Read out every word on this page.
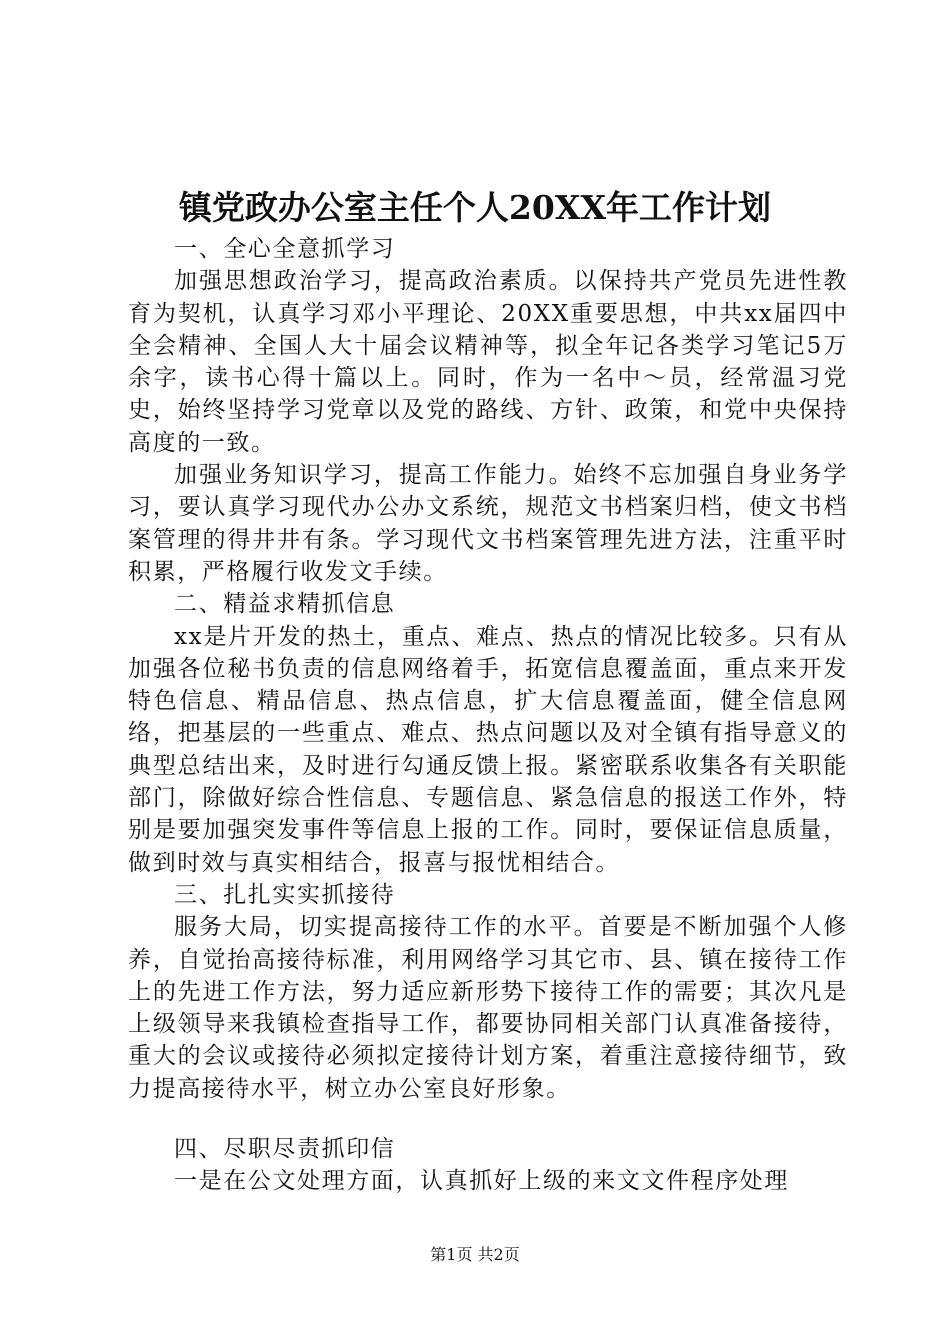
镇党政办公室主任个人20XX年工作计划

一、全心全意抓学习

加强思想政治学习，提高政治素质。以保持共产党员先进性教育为契机，认真学习邓小平理论、20XX重要思想，中共xx届四中全会精神、全国人大十届会议精神等，拟全年记各类学习笔记5万余字，读书心得十篇以上。同时，作为一名中～员，经常温习党史，始终坚持学习党章以及党的路线、方针、政策，和党中央保持高度的一致。

加强业务知识学习，提高工作能力。始终不忘加强自身业务学习，要认真学习现代办公办文系统，规范文书档案归档，使文书档案管理的得井井有条。学习现代文书档案管理先进方法，注重平时积累，严格履行收发文手续。

二、精益求精抓信息

xx是片开发的热土，重点、难点、热点的情况比较多。只有从加强各位秘书负责的信息网络着手，拓宽信息覆盖面，重点来开发特色信息、精品信息、热点信息，扩大信息覆盖面，健全信息网络，把基层的一些重点、难点、热点问题以及对全镇有指导意义的典型总结出来，及时进行勾通反馈上报。紧密联系收集各有关职能部门，除做好综合性信息、专题信息、紧急信息的报送工作外，特别是要加强突发事件等信息上报的工作。同时，要保证信息质量，做到时效与真实相结合，报喜与报忧相结合。

三、扎扎实实抓接待

服务大局，切实提高接待工作的水平。首要是不断加强个人修养，自觉抬高接待标准，利用网络学习其它市、县、镇在接待工作上的先进工作方法，努力适应新形势下接待工作的需要；其次凡是上级领导来我镇检查指导工作，都要协同相关部门认真准备接待，重大的会议或接待必须拟定接待计划方案，着重注意接待细节，致力提高接待水平，树立办公室良好形象。

四、尽职尽责抓印信

一是在公文处理方面，认真抓好上级的来文文件程序处理

第1页 共2页
